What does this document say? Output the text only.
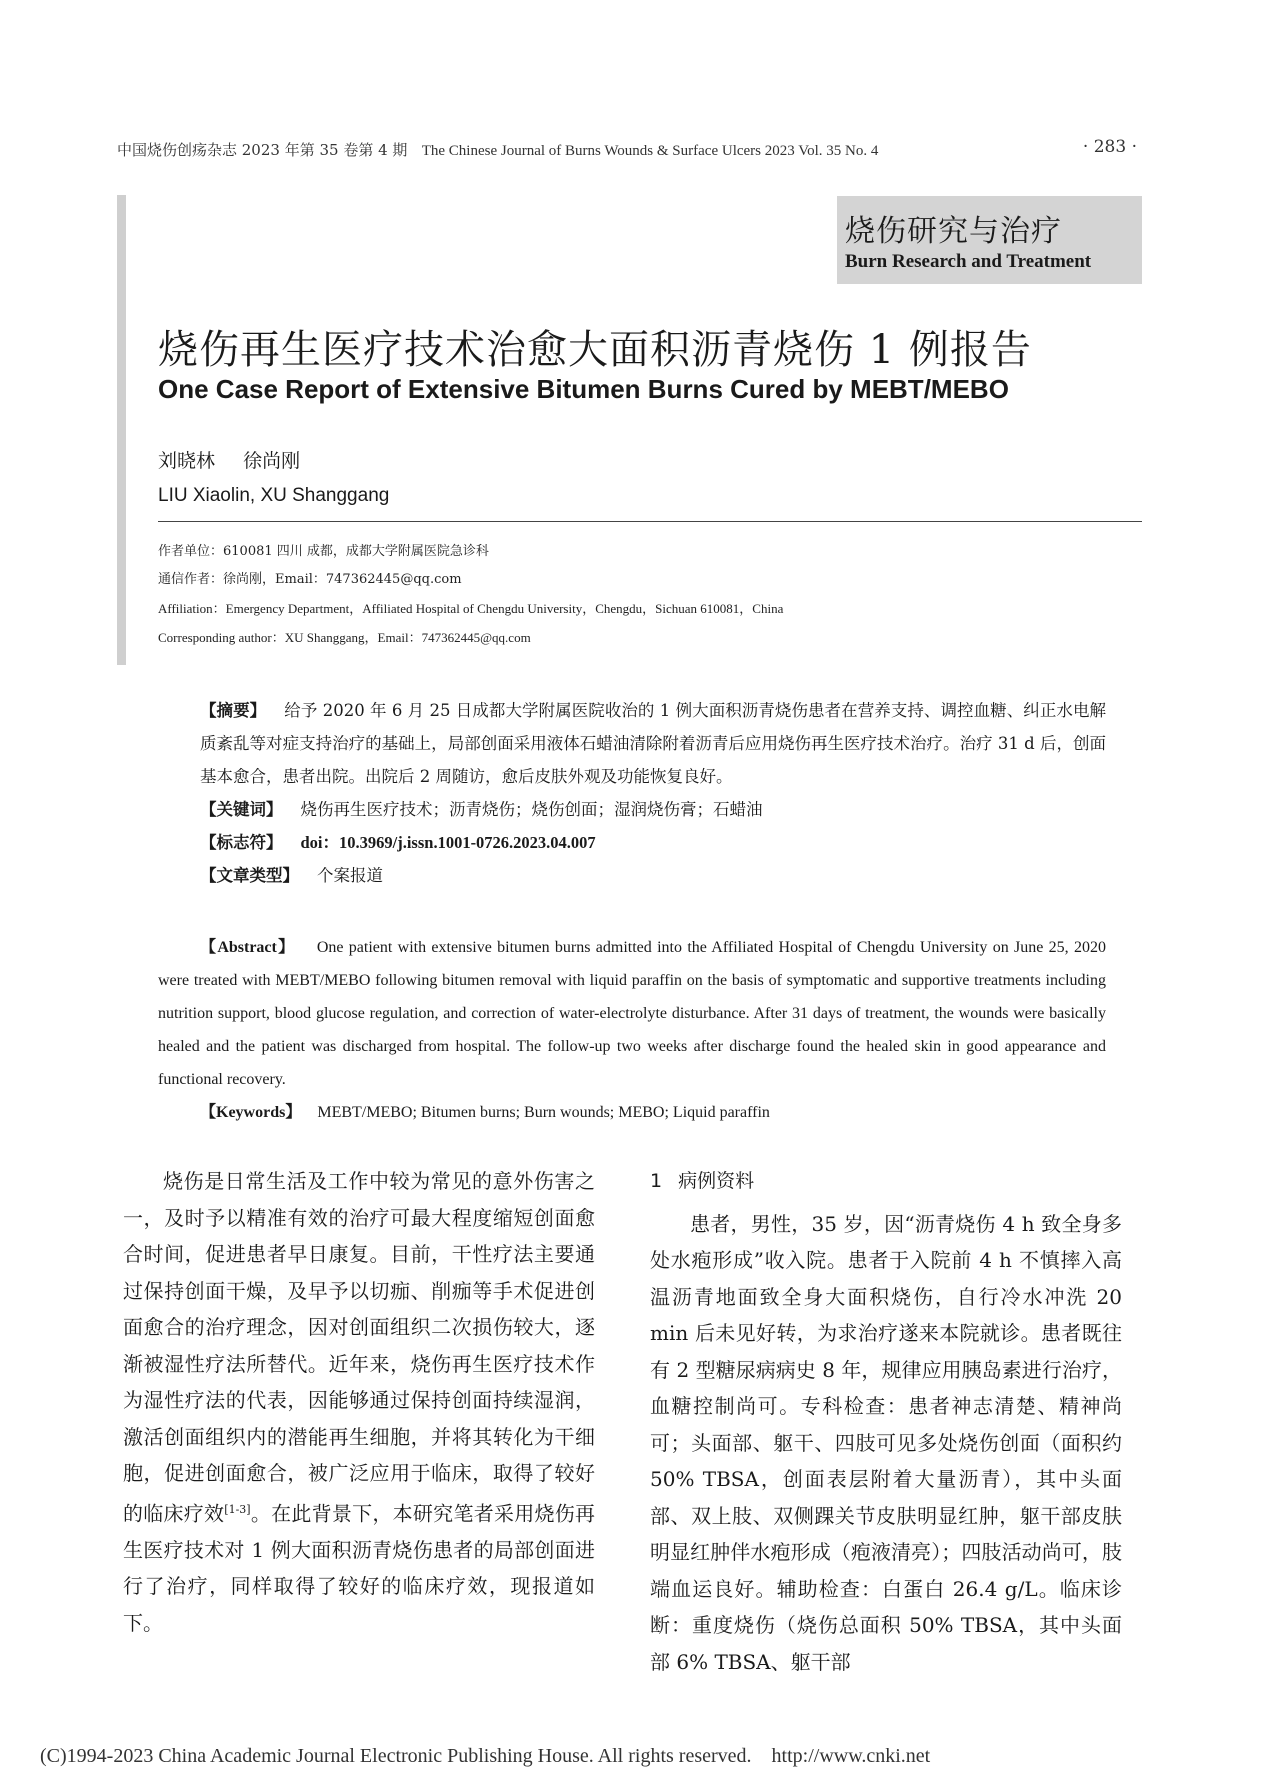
中国烧伤创疡杂志 2023 年第 35 卷第 4 期 The Chinese Journal of Burns Wounds & Surface Ulcers 2023 Vol. 35 No. 4	· 283 ·
烧伤研究与治疗
Burn Research and Treatment
烧伤再生医疗技术治愈大面积沥青烧伤 1 例报告
One Case Report of Extensive Bitumen Burns Cured by MEBT/MEBO
刘晓林 徐尚刚
LIU Xiaolin, XU Shanggang
作者单位：610081 四川 成都，成都大学附属医院急诊科
通信作者：徐尚刚，Email：747362445@qq.com
Affiliation：Emergency Department，Affiliated Hospital of Chengdu University，Chengdu，Sichuan 610081，China
Corresponding author：XU Shanggang，Email：747362445@qq.com

【摘要】 给予 2020 年 6 月 25 日成都大学附属医院收治的 1 例大面积沥青烧伤患者在营养支持、调控血糖、纠正水电解质紊乱等对症支持治疗的基础上，局部创面采用液体石蜡油清除附着沥青后应用烧伤再生医疗技术治疗。治疗 31 d 后，创面基本愈合，患者出院。出院后 2 周随访，愈后皮肤外观及功能恢复良好。

【关键词】 烧伤再生医疗技术；沥青烧伤；烧伤创面；湿润烧伤膏；石蜡油

【标志符】 doi：10.3969/j.issn.1001-0726.2023.04.007

【文章类型】 个案报道

【Abstract】 One patient with extensive bitumen burns admitted into the Affiliated Hospital of Chengdu University on June 25, 2020 were treated with MEBT/MEBO following bitumen removal with liquid paraffin on the basis of symptomatic and supportive treatments including nutrition support, blood glucose regulation, and correction of water-electrolyte disturbance. After 31 days of treatment, the wounds were basically healed and the patient was discharged from hospital. The follow-up two weeks after discharge found the healed skin in good appearance and functional recovery.

【Keywords】 MEBT/MEBO; Bitumen burns; Burn wounds; MEBO; Liquid paraffin

烧伤是日常生活及工作中较为常见的意外伤害之一，及时予以精准有效的治疗可最大程度缩短创面愈合时间，促进患者早日康复。目前，干性疗法主要通过保持创面干燥，及早予以切痂、削痂等手术促进创面愈合的治疗理念，因对创面组织二次损伤较大，逐渐被湿性疗法所替代。近年来，烧伤再生医疗技术作为湿性疗法的代表，因能够通过保持创面持续湿润，激活创面组织内的潜能再生细胞，并将其转化为干细胞，促进创面愈合，被广泛应用于临床，取得了较好的临床疗效[1-3]。在此背景下，本研究笔者采用烧伤再生医疗技术对 1 例大面积沥青烧伤患者的局部创面进行了治疗，同样取得了较好的临床疗效，现报道如下。

1 病例资料

患者，男性，35 岁，因“沥青烧伤 4 h 致全身多处水疱形成”收入院。患者于入院前 4 h 不慎摔入高温沥青地面致全身大面积烧伤，自行冷水冲洗 20 min 后未见好转，为求治疗遂来本院就诊。患者既往有 2 型糖尿病病史 8 年，规律应用胰岛素进行治疗，血糖控制尚可。专科检查：患者神志清楚、精神尚可；头面部、躯干、四肢可见多处烧伤创面（面积约 50% TBSA，创面表层附着大量沥青），其中头面部、双上肢、双侧踝关节皮肤明显红肿，躯干部皮肤明显红肿伴水疱形成（疱液清亮）；四肢活动尚可，肢端血运良好。辅助检查：白蛋白 26.4 g/L。临床诊断：重度烧伤（烧伤总面积 50% TBSA，其中头面部 6% TBSA、躯干部

(C)1994-2023 China Academic Journal Electronic Publishing House. All rights reserved. http://www.cnki.net
